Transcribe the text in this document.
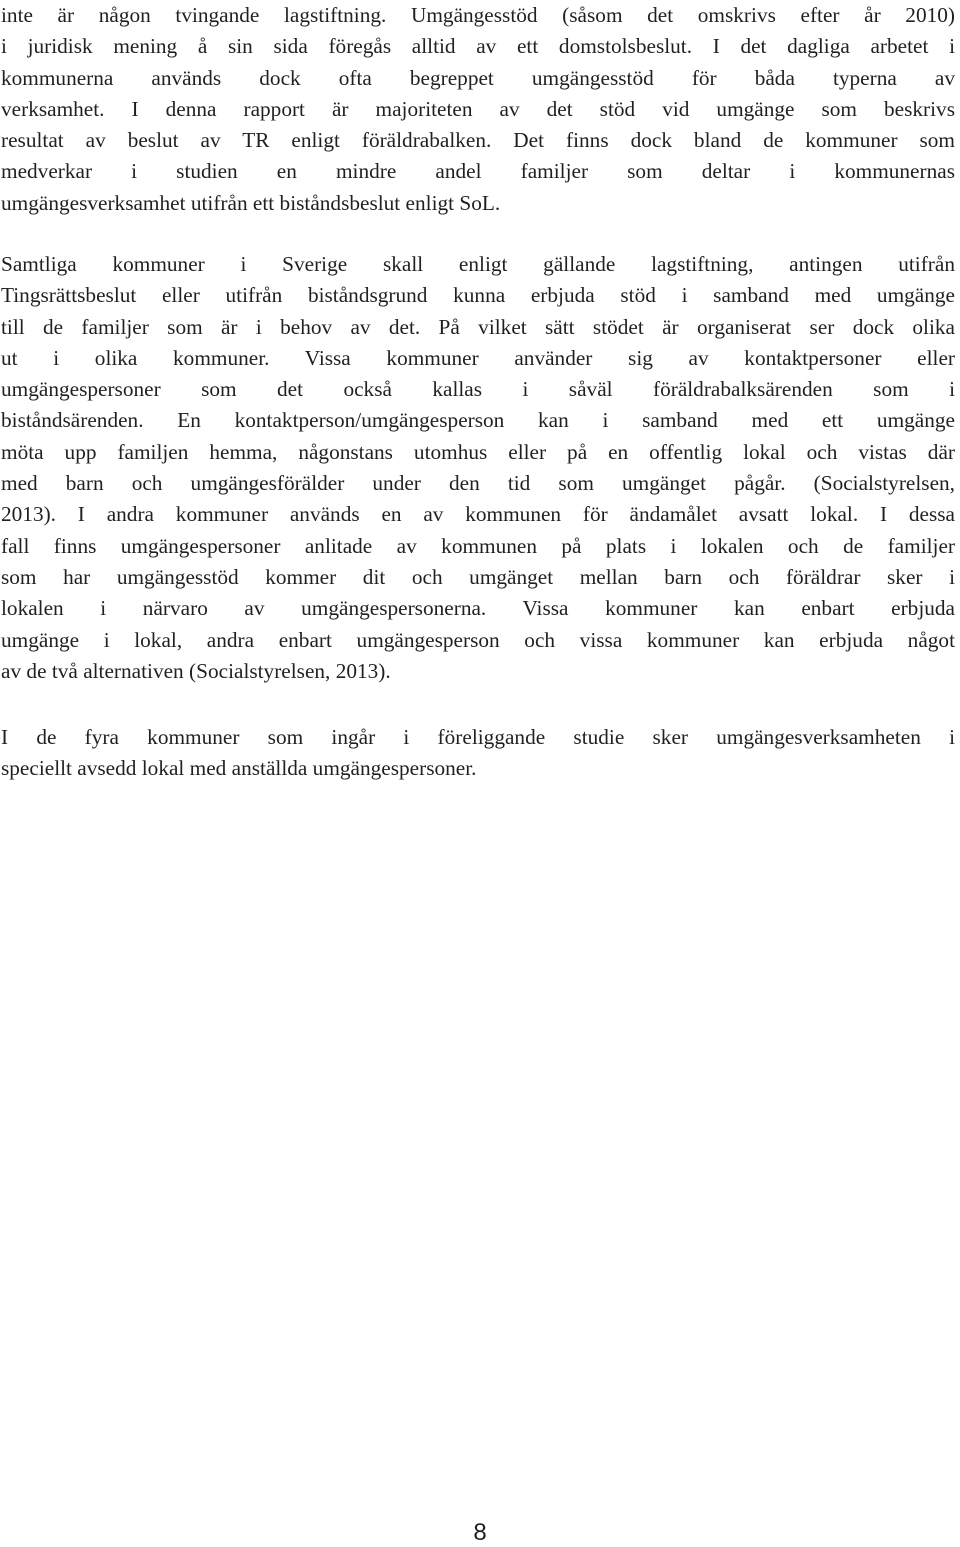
inte är någon tvingande lagstiftning. Umgängesstöd (såsom det omskrivs efter år 2010)
i juridisk mening å sin sida föregås alltid av ett domstolsbeslut. I det dagliga arbetet i
kommunerna används dock ofta begreppet umgängesstöd för båda typerna av
verksamhet. I denna rapport är majoriteten av det stöd vid umgänge som beskrivs
resultat av beslut av TR enligt föräldrabalken. Det finns dock bland de kommuner som
medverkar i studien en mindre andel familjer som deltar i kommunernas
umgängesverksamhet utifrån ett biståndsbeslut enligt SoL.

Samtliga kommuner i Sverige skall enligt gällande lagstiftning, antingen utifrån
Tingsrättsbeslut eller utifrån biståndsgrund kunna erbjuda stöd i samband med umgänge
till de familjer som är i behov av det. På vilket sätt stödet är organiserat ser dock olika
ut i olika kommuner. Vissa kommuner använder sig av kontaktpersoner eller
umgängespersoner som det också kallas i såväl föräldrabalksärenden som i
biståndsärenden. En kontaktperson/umgängesperson kan i samband med ett umgänge
möta upp familjen hemma, någonstans utomhus eller på en offentlig lokal och vistas där
med barn och umgängesförälder under den tid som umgänget pågår. (Socialstyrelsen,
2013). I andra kommuner används en av kommunen för ändamålet avsatt lokal. I dessa
fall finns umgängespersoner anlitade av kommunen på plats i lokalen och de familjer
som har umgängesstöd kommer dit och umgänget mellan barn och föräldrar sker i
lokalen i närvaro av umgängespersonerna. Vissa kommuner kan enbart erbjuda
umgänge i lokal, andra enbart umgängesperson och vissa kommuner kan erbjuda något
av de två alternativen (Socialstyrelsen, 2013).

I de fyra kommuner som ingår i föreliggande studie sker umgängesverksamheten i
speciellt avsedd lokal med anställda umgängespersoner.

8
